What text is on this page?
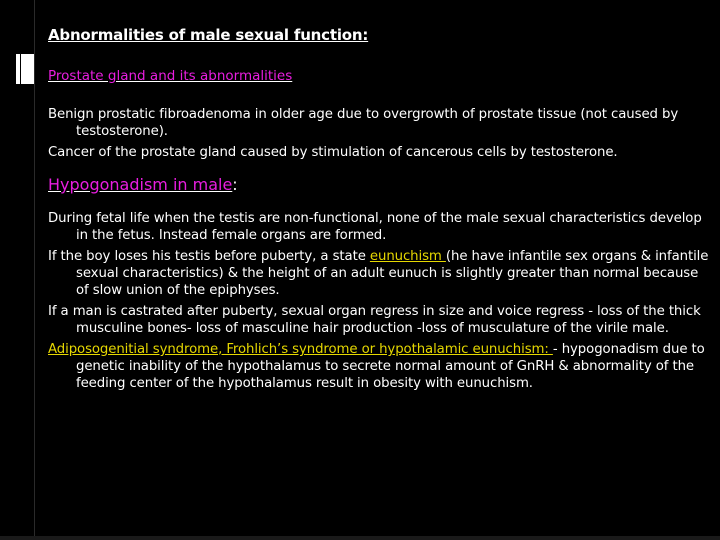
Abnormalities of male sexual function:
Prostate gland and its abnormalities
Benign prostatic fibroadenoma in older age due to overgrowth of prostate tissue (not caused by testosterone).
Cancer of the prostate gland caused by stimulation of cancerous cells by testosterone.
Hypogonadism in male:
During fetal life when the testis are non-functional, none of the male sexual characteristics develop in the fetus. Instead female organs are formed.
If the boy loses his testis before puberty, a state eunuchism (he have infantile sex organs & infantile sexual characteristics) & the height of an adult eunuch is slightly greater than normal because of slow union of the epiphyses.
If a man is castrated after puberty, sexual organ regress in size and voice regress - loss of the thick musculine bones- loss of masculine hair production -loss of musculature of the virile male.
Adiposogenitial syndrome, Frohlich’s syndrome or hypothalamic eunuchism: - hypogonadism due to genetic inability of the hypothalamus to secrete normal amount of GnRH & abnormality of the feeding center of the hypothalamus result in obesity with eunuchism.
